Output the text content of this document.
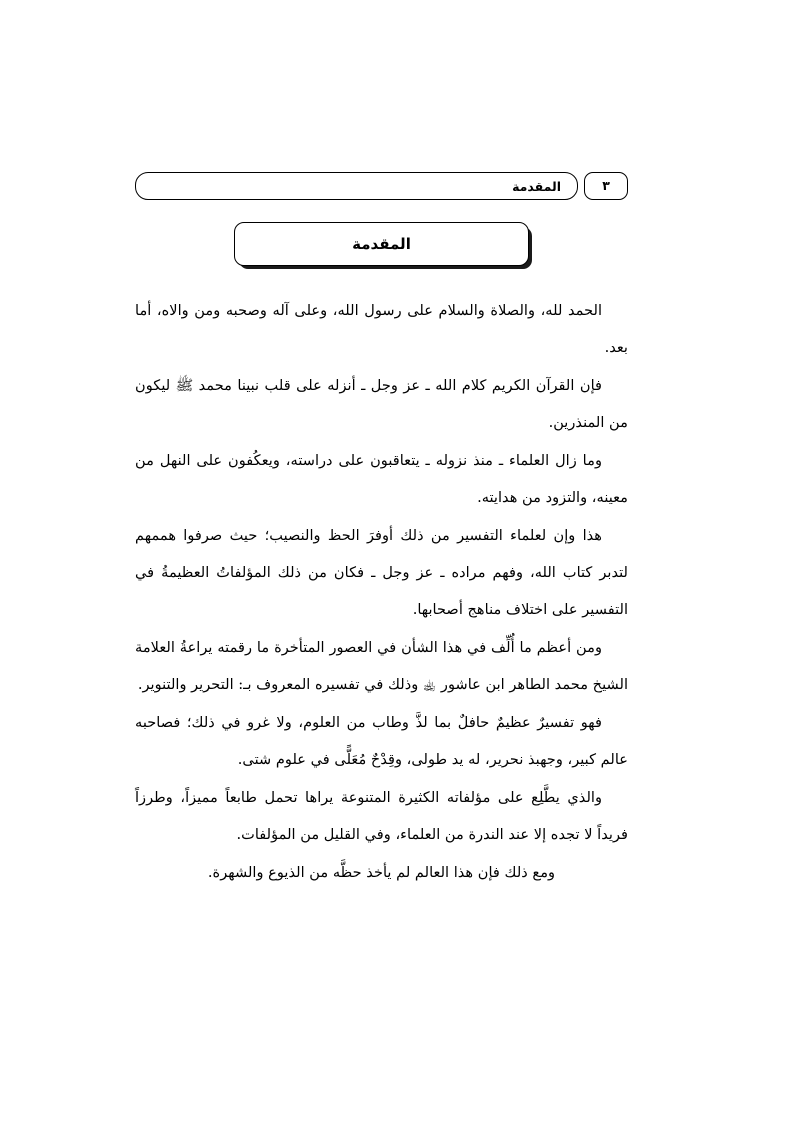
المقدمة	٣
المقدمة

الحمد لله، والصلاة والسلام على رسول الله، وعلى آله وصحبه ومن والاه، أما بعد.

فإن القرآن الكريم كلام الله ـ عز وجل ـ أنزله على قلب نبينا محمد ﷺ ليكون من المنذرين.

وما زال العلماء ـ منذ نزوله ـ يتعاقبون على دراسته، ويعكُفون على النهل من معينه، والتزود من هدايته.

هذا وإن لعلماء التفسير من ذلك أوفرَ الحظ والنصيب؛ حيث صرفوا هممهم لتدبر كتاب الله، وفهم مراده ـ عز وجل ـ فكان من ذلك المؤلفاتُ العظيمةُ في التفسير على اختلاف مناهج أصحابها.

ومن أعظم ما أُلِّف في هذا الشأن في العصور المتأخرة ما رقمته يراعةُ العلامة الشيخ محمد الطاهر ابن عاشور ﵀ وذلك في تفسيره المعروف بـ: التحرير والتنوير.

فهو تفسيرٌ عظيمٌ حافلٌ بما لذَّ وطاب من العلوم، ولا غرو في ذلك؛ فصاحبه عالم كبير، وجهبذ نحرير، له يد طولى، وقِدْحٌ مُعَلًّى في علوم شتى.

والذي يطَّلِع على مؤلفاته الكثيرة المتنوعة يراها تحمل طابعاً مميزاً، وطرزاً فريداً لا تجده إلا عند الندرة من العلماء، وفي القليل من المؤلفات.

ومع ذلك فإن هذا العالم لم يأخذ حظَّه من الذيوع والشهرة.
